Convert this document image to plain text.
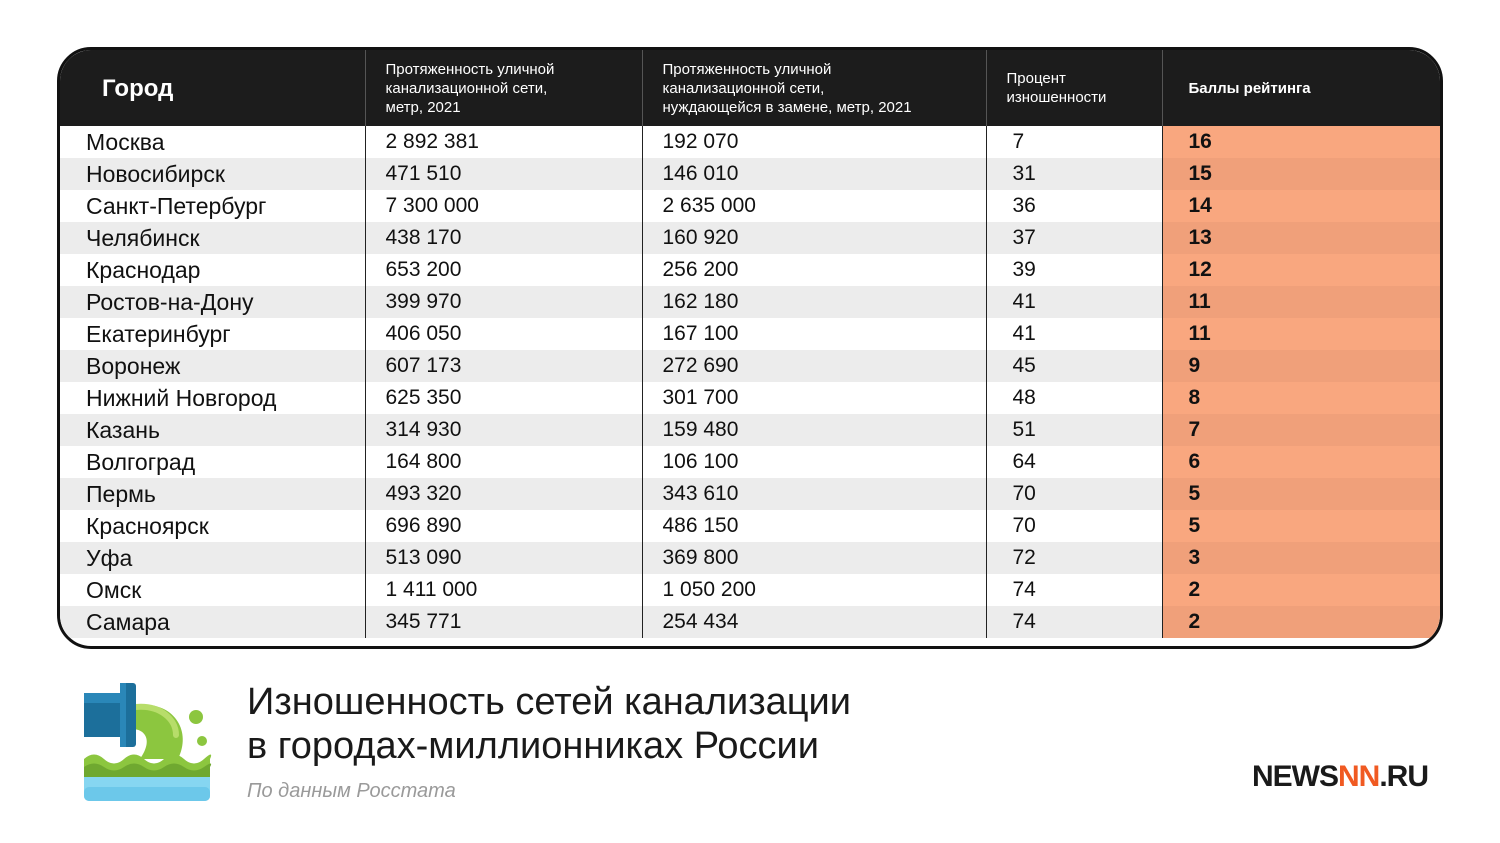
Город	Протяженность уличной
канализационной сети,
метр, 2021	Протяженность уличной
канализационной сети,
нуждающейся в замене, метр, 2021	Процент
изношенности	Баллы рейтинга
Москва	2 892 381	192 070	7	16
Новосибирск	471 510	146 010	31	15
Санкт-Петербург	7 300 000	2 635 000	36	14
Челябинск	438 170	160 920	37	13
Краснодар	653 200	256 200	39	12
Ростов-на-Дону	399 970	162 180	41	11
Екатеринбург	406 050	167 100	41	11
Воронеж	607 173	272 690	45	9
Нижний Новгород	625 350	301 700	48	8
Казань	314 930	159 480	51	7
Волгоград	164 800	106 100	64	6
Пермь	493 320	343 610	70	5
Красноярск	696 890	486 150	70	5
Уфа	513 090	369 800	72	3
Омск	1 411 000	1 050 200	74	2
Самара	345 771	254 434	74	2
Изношенность сетей канализации
в городах-миллионниках России
По данным Росстата	NEWSNN.RU
